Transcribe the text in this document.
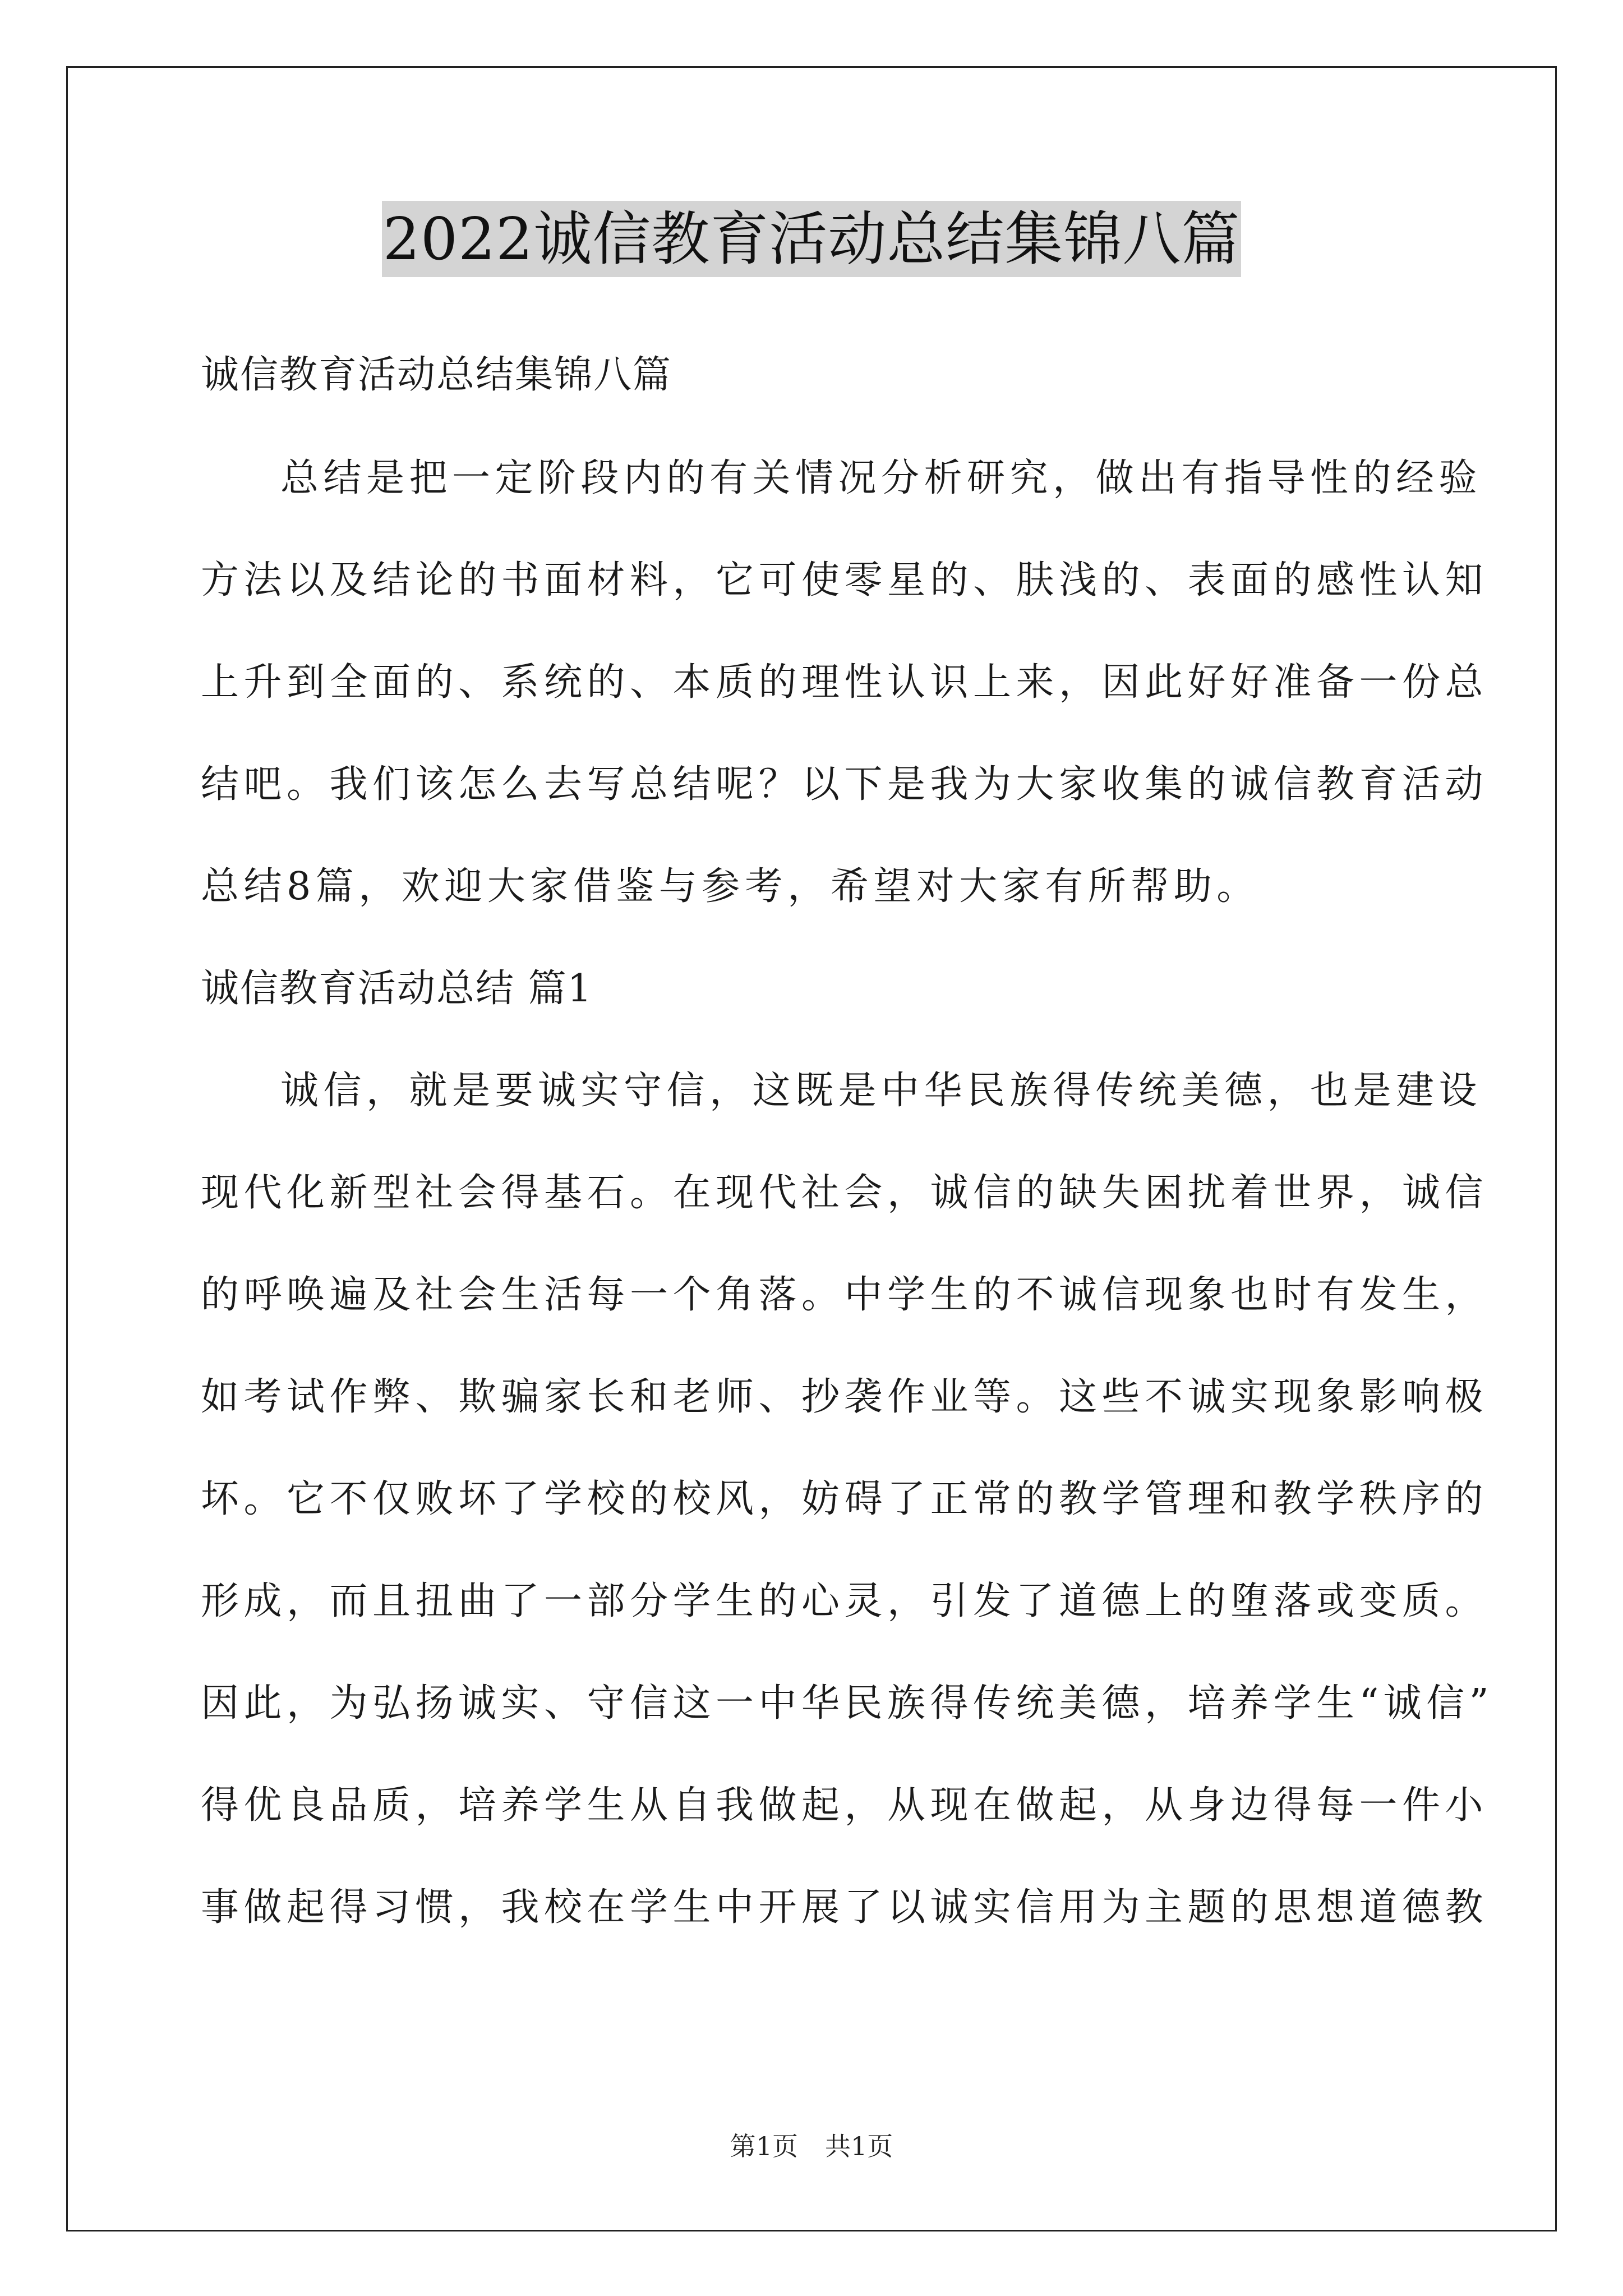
2022诚信教育活动总结集锦八篇
诚信教育活动总结集锦八篇
总结是把一定阶段内的有关情况分析研究，做出有指导性的经验
方法以及结论的书面材料，它可使零星的、肤浅的、表面的感性认知
上升到全面的、系统的、本质的理性认识上来，因此好好准备一份总
结吧。我们该怎么去写总结呢？以下是我为大家收集的诚信教育活动
总结8篇，欢迎大家借鉴与参考，希望对大家有所帮助。
诚信教育活动总结 篇1
诚信，就是要诚实守信，这既是中华民族得传统美德，也是建设
现代化新型社会得基石。在现代社会，诚信的缺失困扰着世界，诚信
的呼唤遍及社会生活每一个角落。中学生的不诚信现象也时有发生，
如考试作弊、欺骗家长和老师、抄袭作业等。这些不诚实现象影响极
坏。它不仅败坏了学校的校风，妨碍了正常的教学管理和教学秩序的
形成，而且扭曲了一部分学生的心灵，引发了道德上的堕落或变质。
因此，为弘扬诚实、守信这一中华民族得传统美德，培养学生“诚信”
得优良品质，培养学生从自我做起，从现在做起，从身边得每一件小
事做起得习惯，我校在学生中开展了以诚实信用为主题的思想道德教
第1页 共1页
